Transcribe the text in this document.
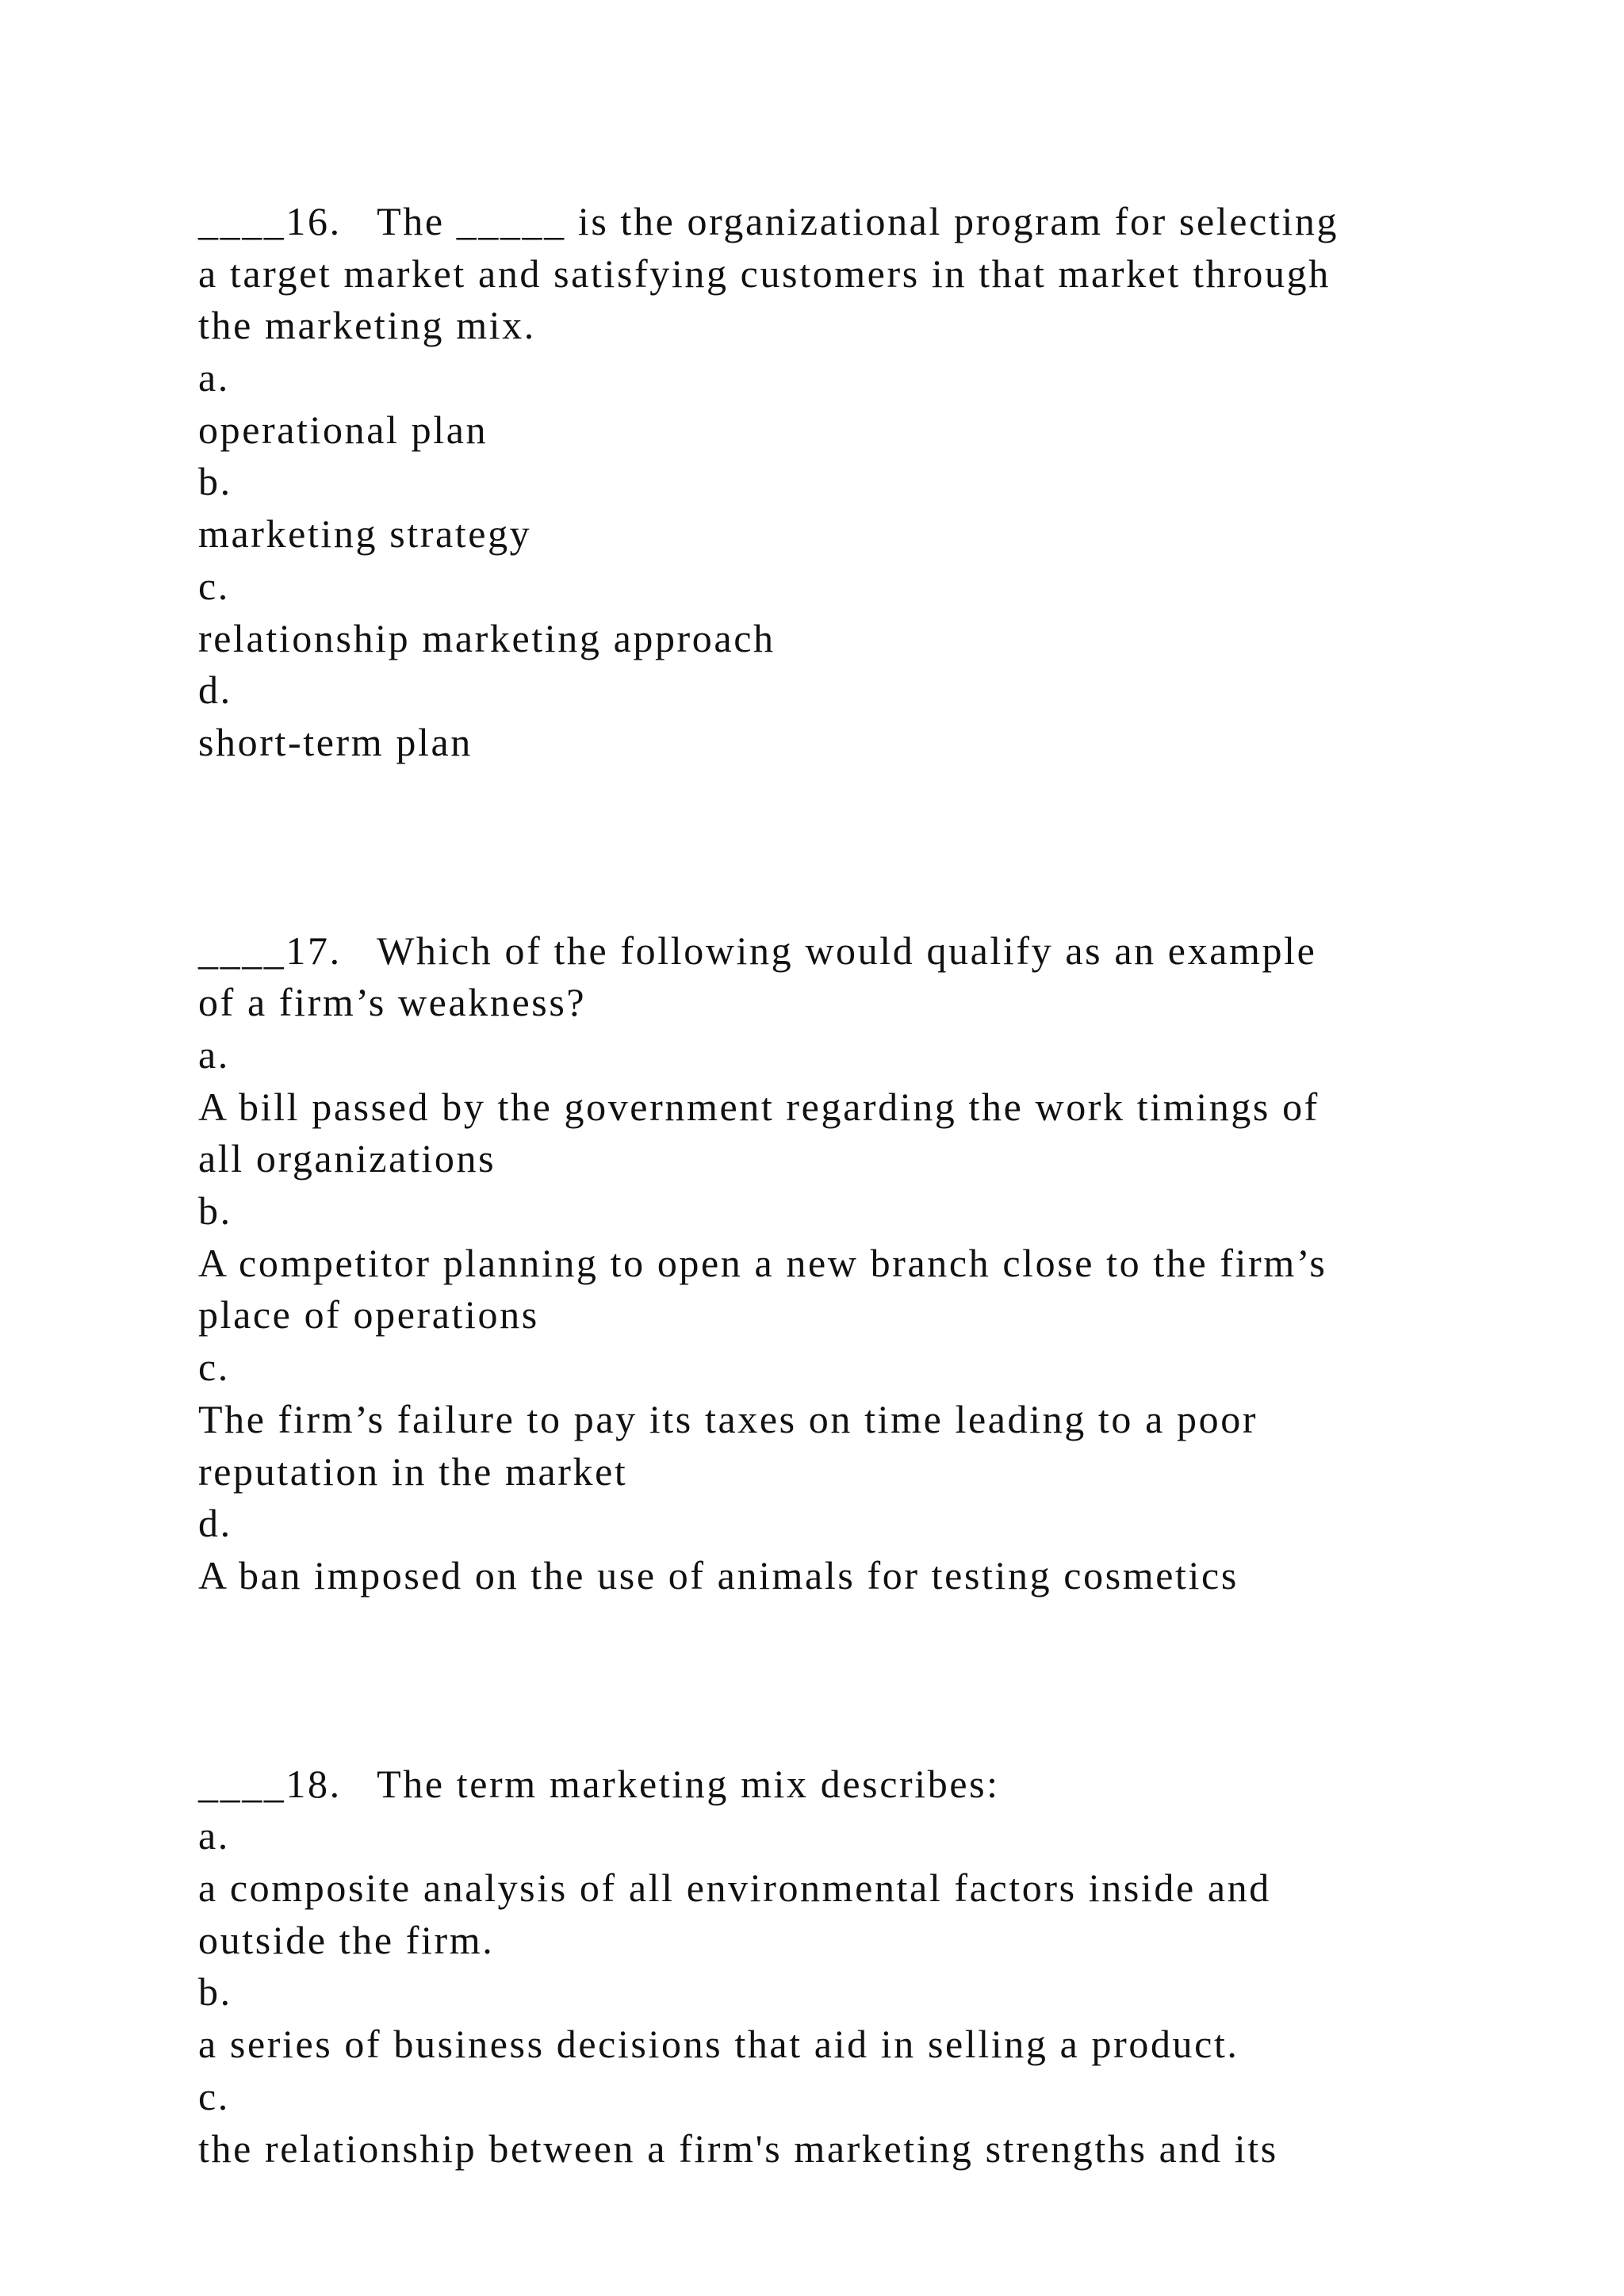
____16.   The _____ is the organizational program for selecting
a target market and satisfying customers in that market through
the marketing mix.
a.
operational plan
b.
marketing strategy
c.
relationship marketing approach
d.
short-term plan
____17.   Which of the following would qualify as an example
of a firm’s weakness?
a.
A bill passed by the government regarding the work timings of
all organizations
b.
A competitor planning to open a new branch close to the firm’s
place of operations
c.
The firm’s failure to pay its taxes on time leading to a poor
reputation in the market
d.
A ban imposed on the use of animals for testing cosmetics
____18.   The term marketing mix describes:
a.
a composite analysis of all environmental factors inside and
outside the firm.
b.
a series of business decisions that aid in selling a product.
c.
the relationship between a firm's marketing strengths and its
